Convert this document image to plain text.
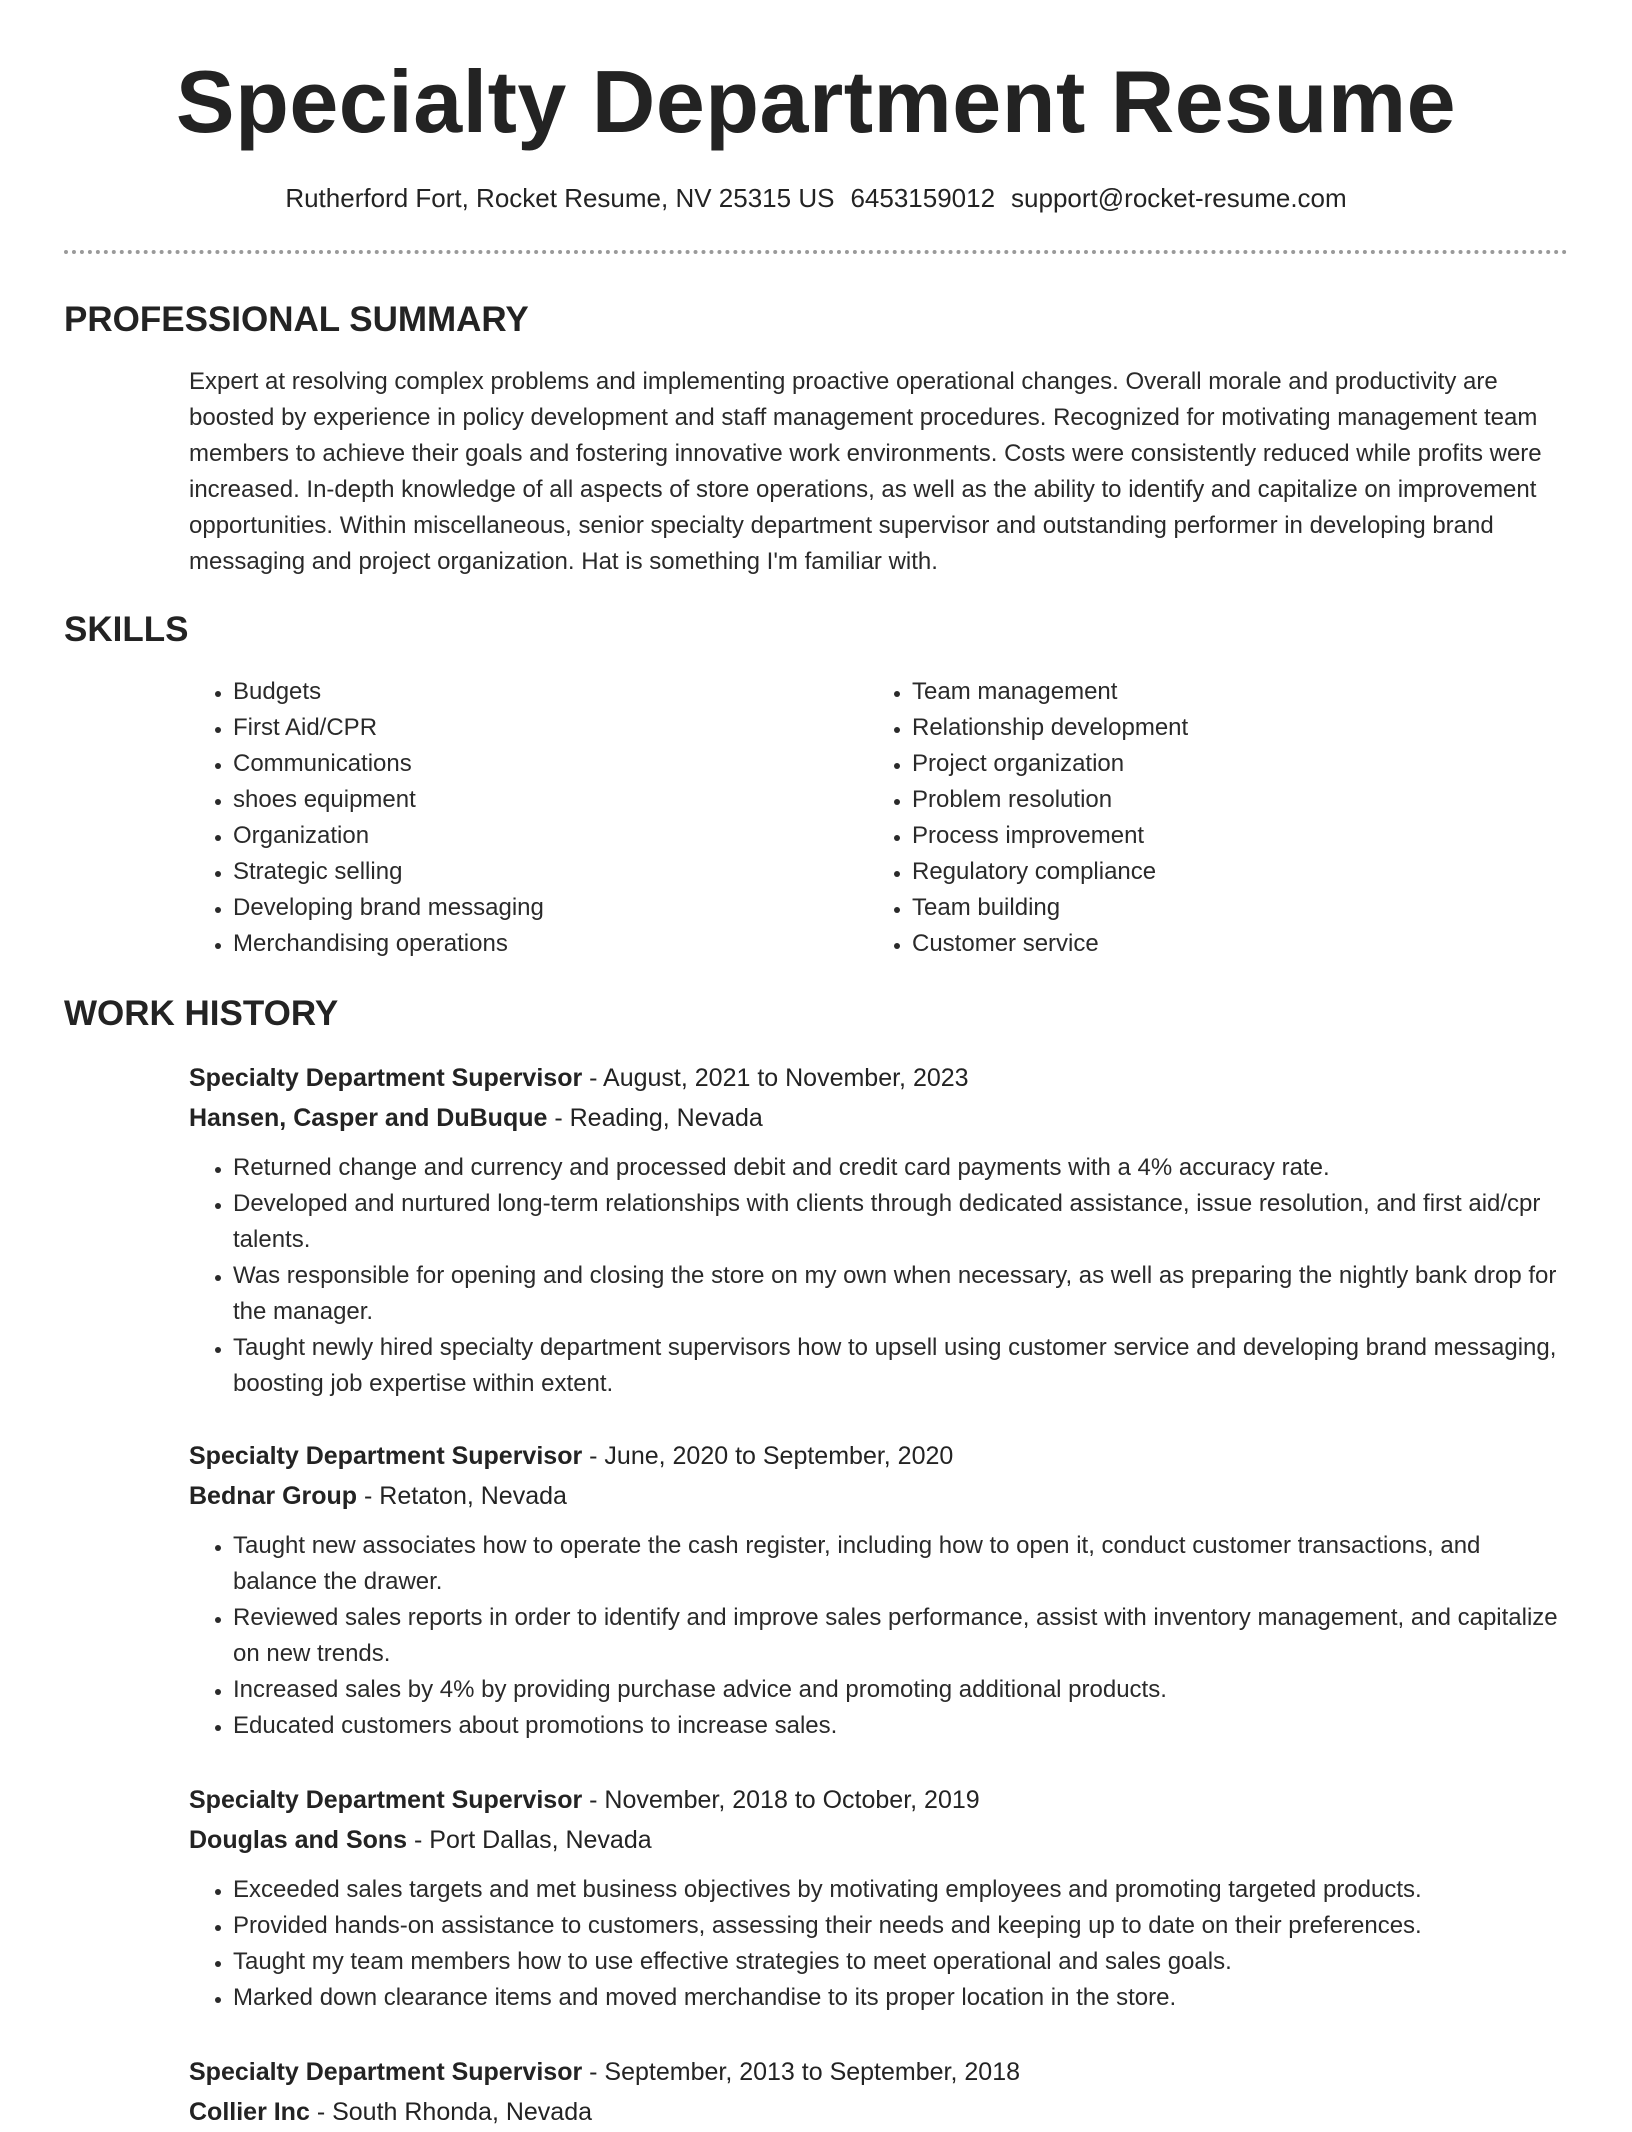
Specialty Department Resume
Rutherford Fort, Rocket Resume, NV 25315 US 6453159012 support@rocket-resume.com
PROFESSIONAL SUMMARY

Expert at resolving complex problems and implementing proactive operational changes. Overall morale and productivity are boosted by experience in policy development and staff management procedures. Recognized for motivating management team members to achieve their goals and fostering innovative work environments. Costs were consistently reduced while profits were increased. In-depth knowledge of all aspects of store operations, as well as the ability to identify and capitalize on improvement opportunities. Within miscellaneous, senior specialty department supervisor and outstanding performer in developing brand messaging and project organization. Hat is something I'm familiar with.

SKILLS
• Budgets
• First Aid/CPR
• Communications
• shoes equipment
• Organization
• Strategic selling
• Developing brand messaging
• Merchandising operations
• Team management
• Relationship development
• Project organization
• Problem resolution
• Process improvement
• Regulatory compliance
• Team building
• Customer service
WORK HISTORY

Specialty Department Supervisor - August, 2021 to November, 2023

Hansen, Casper and DuBuque - Reading, Nevada

• Returned change and currency and processed debit and credit card payments with a 4% accuracy rate.
• Developed and nurtured long-term relationships with clients through dedicated assistance, issue resolution, and first aid/cpr talents.
• Was responsible for opening and closing the store on my own when necessary, as well as preparing the nightly bank drop for the manager.
• Taught newly hired specialty department supervisors how to upsell using customer service and developing brand messaging, boosting job expertise within extent.

Specialty Department Supervisor - June, 2020 to September, 2020

Bednar Group - Retaton, Nevada

• Taught new associates how to operate the cash register, including how to open it, conduct customer transactions, and balance the drawer.
• Reviewed sales reports in order to identify and improve sales performance, assist with inventory management, and capitalize on new trends.
• Increased sales by 4% by providing purchase advice and promoting additional products.
• Educated customers about promotions to increase sales.

Specialty Department Supervisor - November, 2018 to October, 2019

Douglas and Sons - Port Dallas, Nevada

• Exceeded sales targets and met business objectives by motivating employees and promoting targeted products.
• Provided hands-on assistance to customers, assessing their needs and keeping up to date on their preferences.
• Taught my team members how to use effective strategies to meet operational and sales goals.
• Marked down clearance items and moved merchandise to its proper location in the store.

Specialty Department Supervisor - September, 2013 to September, 2018

Collier Inc - South Rhonda, Nevada
